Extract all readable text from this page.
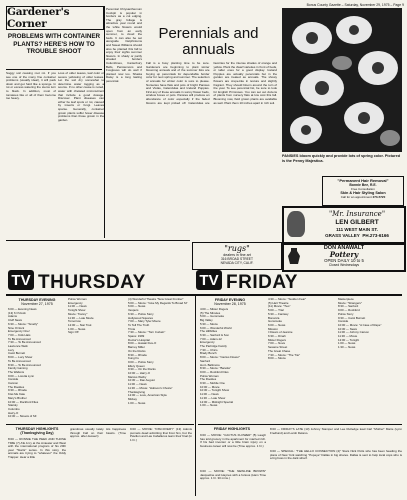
Bonus County Gazette – Saturday, November 29, 1975 – Page 9
Gardener's Corner
PROBLEMS WITH CONTAINER PLANTS? HERE'S HOW TO TROUBLE SHOOT
Soggy soil causing root rot. If you see one of the many fine container problems (usually ideal), it will pack down and get hard like a sponge. In rot or excess watering the stems turn to black. In addition, most of tomatoes like or all of them become too heavy.
Loss of older leaves, leaf color or severe yellowing of older leaves. Let the soil dry somewhat to determine water logging as a source. If no other cause is noted, water with chelated micronutrient that include a good dosage. Discover. Plant diseases can either be leaf spots or rot, caused by insects or fungi. Leaves sparse. Generally, container grown plants suffer fewer disease problems than those grown in the garden.
Perennial Chrysanthemum Cockpit is popular in borders as a cut edging. The gray foliage is attractive year round and the white flowers would open from an early summer, to cloud the beds. It can also be set alongside Delphiniums and Sweet Williams should also be planted this fall to enjoy their sights summer flowers. In shady or partly shaded borders Columbines, Canterbury Bells, Penstemons and Foxgloves will do well if planted now too. Shasta Daisy is a long lasting perennial.
Perennials and annuals
Fall is a busy planting time to be sure. Gardeners are beginning to plant winter blooming annuals and of the summer lists are buying up perennials for dependable border color for next spring and summer. The selection of annuals for winter color is sure to please. Nurseries have flats and pots of bright Pansies and Violas, Calendulas and Iceland Poppies. First any of these annuals in sunny flower beds, window boxes or pots. Pansies will produce an abundance of color especially if the faded blooms are kept picked off. Calendulas are favorites for the intense shades of orange and yellow. Plant the dwarf varieties in front of beds, or taller ones for a good display. Iceland Poppies are actually perennials but in the garden are treated as annuals. The showy flowers are crepe-like in texture and slightly fragrant. They should bloom around the turn of the year. To see perennial list, be sure to look for English Primroses. You can set out dozens of plants from nursery flats at low cost this fall. Blooming now, field grown plants are available as well. Plant them 10 inches apart in rich soil.
PANSIES bloom quickly and provide lots of spring color. Pictured is the Penny Majestica.
"Permanent Hair Removal"
Bonnie Bee, R.E.
Free Consultation
Skin & Hair Styling Salon
Call for an appointment 273-5720
"Mr. Insurance"
LEN GILBERT
111 WEST MAIN ST.
GRASS VALLEY PH.273-6166
"rugs"
dealers in fine art
316 BROAD STREET
NEVADA CITY, CALIF.
DON ANAWALT
Pottery
OPEN DAILY 10 to 5
Closed Wednesdays
TV THURSDAY	TV FRIDAY
THURSDAY EVENING
November 27, 1975
6:00 — Evening News
(13) 6 O'clock
Adams
Cluff News
6:30 — Movie: "Smelly"
Nine O'clock
Emergency One!
7:00 — Kids Hats
To Be Announced
7:30 — To Be Announced
Lawrence Welk
Lucy
Carol Burnett
8:00 — Lucy Show
To Be Announced
8:30 — To Be Announced
Family Gaming
The Waltons
9:00 — Loretta Lynn
Ironside
Cannon
The Rookies
9:30 — Rhoda
Kiss Me Kate
Mary's Brother
10:00 — Rockford Files
Starsky
Columbo
Harry-O
10:30 — Streets of SF
(4) Wonderful Theatre "New Great Frontier"
5:00 — Movie: "Give My Regards To Broad St"
6:00 — News
Vespers
6:30 — Police Story
Hollywood Squares
7:00 — Mary Tyler Moore
To Tell The Truth
Trivia
7:30 — Movie: "Torn Curtain"
Space: 1999
Doctor's Hospital
8:00 — Hawaii Five-O
Barney Miller
On the Rocks
8:30 — Rhoda
Kung Fu
9:00 — Police Story
Ellery Queen
9:30 — On the Rocks
10:00 — Harry-O
Marcus Welby
10:30 — Dan August
11:00 — News
11:30 — Movie: "Hobson's Choice"
Thanksgiving
12:00 — Love, American Style
Mickey
1:00 — News
Police Woman
Emergency
11:00 — News
Tonight Show
Movie: "Fanny"
11:30 — Late Movie
Tomorrow
12:00 — Star Trek
1:00 — News
Sign Off
FRIDAY EVENING
November 28, 1975
4:00 — Mister Rogers
(5) The Minutes
5:00 — Gunsmoke
Big Valley
5:30 — Movie
6:00 — Wonderful World
The Hillbillies
6:30 — Sanford & Son
7:00 — Adam-12
Emergency
The Partridge Family
7:30 — Chico
Brady Bunch
8:00 — Movie: "Cactus Flower"
Sanford
Hot L Baltimore
8:30 — Movie: "Baretta"
9:00 — Rockford Files
Police Woman
The Rookies
9:30 — Mobile One
10:00 — Movie
10:30 — Tonight Show
11:00 — News
11:30 — Late Show
12:00 — Midnight Special
1:00 — News
4:30 — Movie: "Sudden Fear"
(5) Hart Theatre
(11) Movie: "Two"
5:00 — Trial
5:30 — Fantasy
Bonanza
Gunsmoke
6:00 — News
Mission
I Dream of Jeannie
6:30 — Dinah
Mister Rogers
7:00 — Nova
Sesame Street
The Great Chase
7:30 — Movie: "The Trio"
8:00 — Movie
Masterpiece
Movie: "Strangers"
8:30 — Sanford
9:00 — Rockford
Police Story
9:30 — Carol Burnett
Ironside
10:00 — Movie: "A Case of Rape"
10:30 — News
11:00 — Johnny Carson
11:30 — Movie
12:00 — Tonight
1:00 — News
1:30 — News
THURSDAY HIGHLIGHTS (Thanksgiving Day)
8:00 — RONNIE THE PEEK AND THOSE TIME (7) A'E A try at the Anteater and West with the international program of his 20th year "Starts" series. In this story, the animals are trying to "whatever" the Oddy Trapper. Hear a little
grandmas usually lately. His happiness through Fall on their basics. (Time approx. after dessert)
9:00 — MOVIE: "DISCOVERY" (13) Adonis punnels dead admitting that frost him, but the Pavilion and Las Caballeros learn their final (in 1 hr.)
FRIDAY HIGHLIGHTS
9:00 — MOVIE: "CACTUS FLOWER" (5) Laugh has told grocery in the apartment for married rich. If his bad inventor or a little brain injury on a business career will now be (Time approx. 1 hr.)
9:00 — MOVIE: "THE NEWLINE BROWN" Jacqueline and Haynes with a furious (Ham Time approx. 1 hr. 30 mins.)
8:00 — FRIDAY'S LATE (13) Johnny Stamper and Lee Rutledge lead Carl "Mother" Marie (Lynn Fredlund) and Lamb Delano.
9:00 — SPECIAL: "THE HELLO CONNECTION (4)" Stars Nick Potts who has been heading the plans of New York watching "Popeye" Dallas in big shares. Dallas is sent to help local cops who is a big boss in the dark wharf.
